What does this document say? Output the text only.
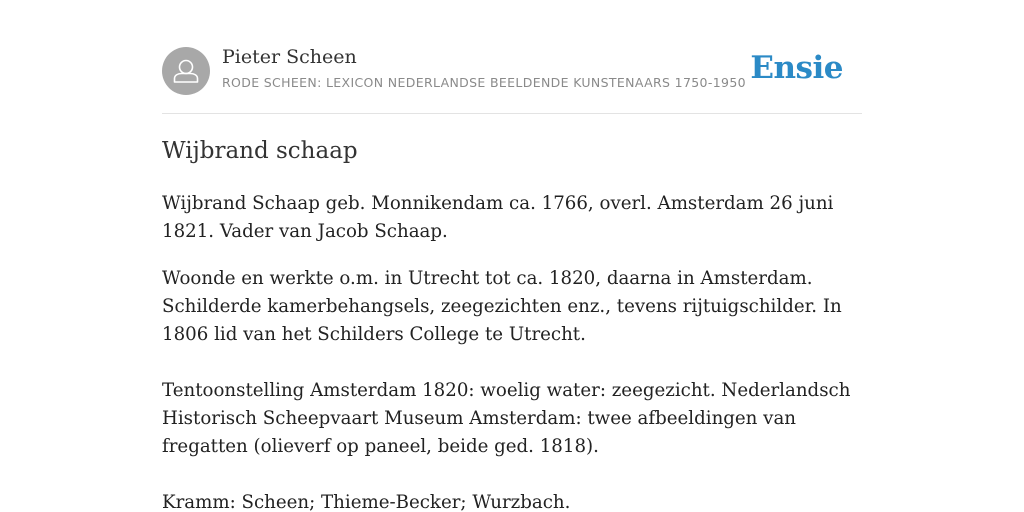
Pieter Scheen
RODE SCHEEN: LEXICON NEDERLANDSE BEELDENDE KUNSTENAARS 1750-1950 Ensie
Wijbrand schaap

Wijbrand Schaap geb. Monnikendam ca. 1766, overl. Amsterdam 26 juni 1821. Vader van Jacob Schaap.

Woonde en werkte o.m. in Utrecht tot ca. 1820, daarna in Amsterdam. Schilderde kamerbehangsels, zeegezichten enz., tevens rijtuigschilder. In 1806 lid van het Schilders College te Utrecht.

Tentoonstelling Amsterdam 1820: woelig water: zeegezicht. Nederlandsch Historisch Scheepvaart Museum Amsterdam: twee afbeeldingen van fregatten (olieverf op paneel, beide ged. 1818).

Kramm: Scheen; Thieme-Becker; Wurzbach.
